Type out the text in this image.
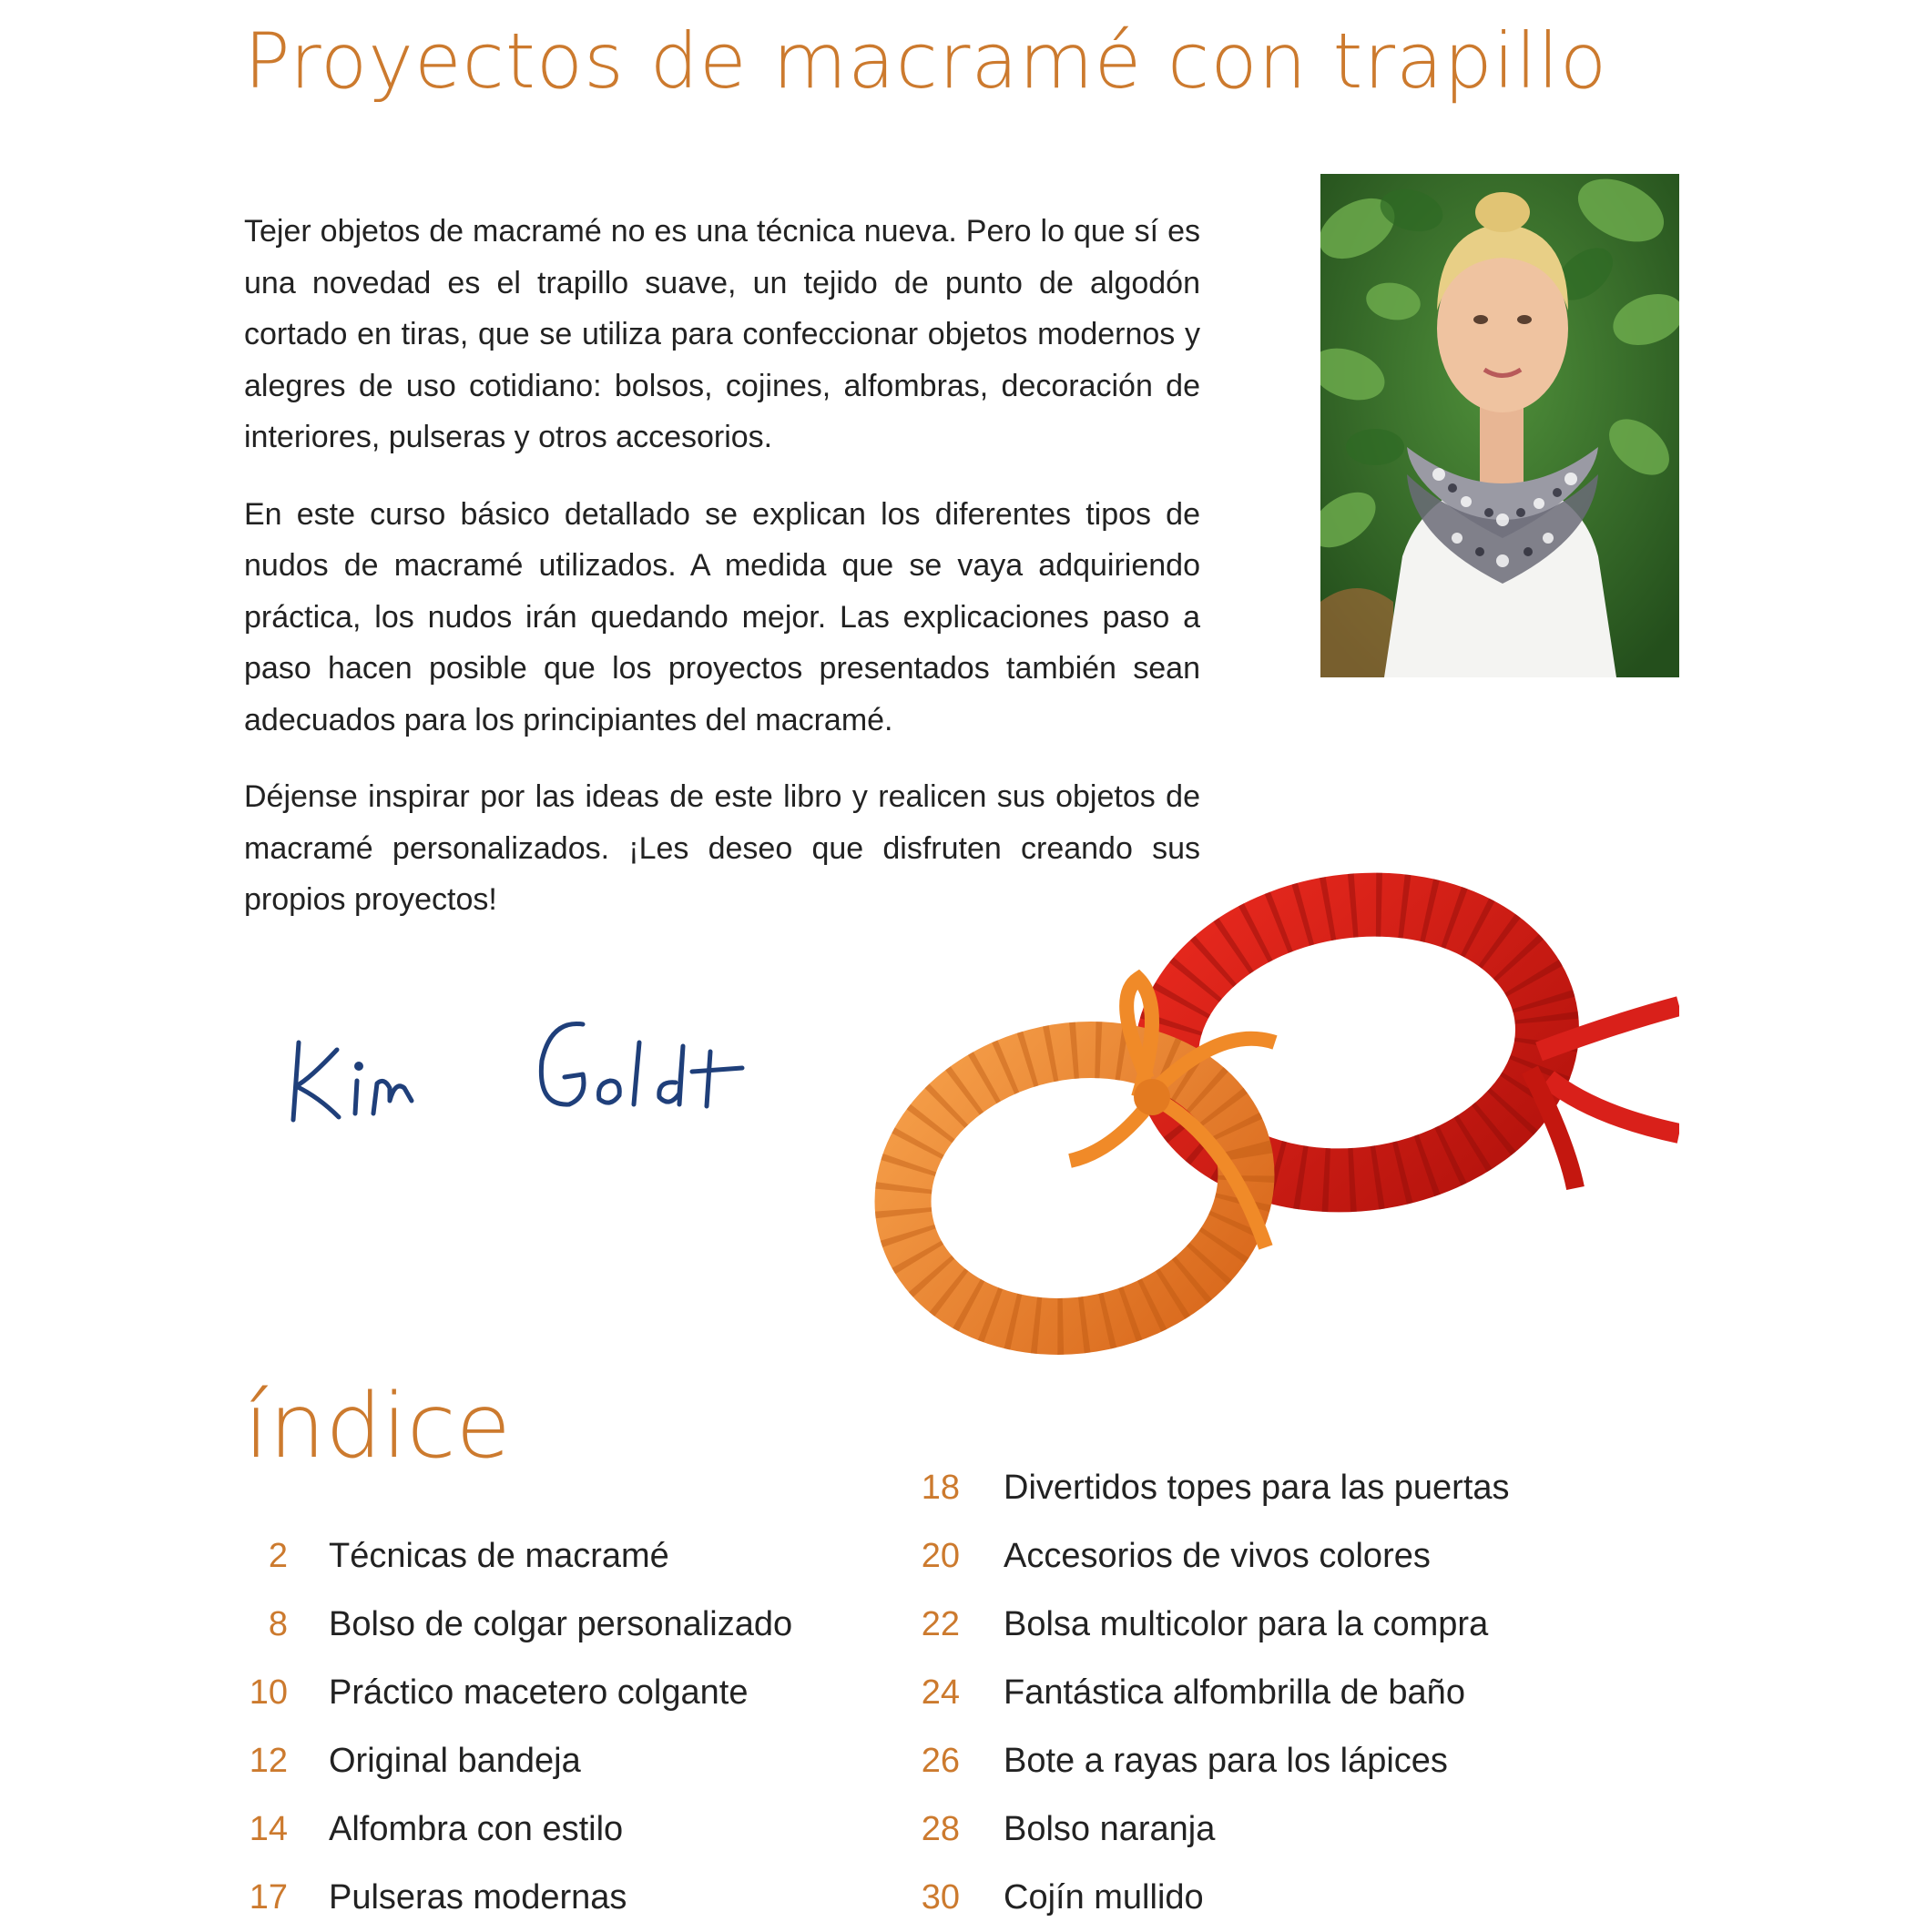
Proyectos de macramé con trapillo

Tejer objetos de macramé no es una técnica nueva. Pero lo que sí es una novedad es el trapillo suave, un tejido de punto de algodón cortado en tiras, que se utiliza para confeccionar objetos modernos y alegres de uso cotidiano: bolsos, cojines, alfombras, decoración de interiores, pulseras y otros accesorios.

En este curso básico detallado se explican los diferentes tipos de nudos de macramé utilizados. A medida que se vaya adquiriendo práctica, los nudos irán quedando mejor. Las explicaciones paso a paso hacen posible que los proyectos presentados también sean adecuados para los principiantes del macramé.

Déjense inspirar por las ideas de este libro y realicen sus objetos de macramé personalizados. ¡Les deseo que disfruten creando sus propios proyectos!

índice
2 Técnicas de macramé
8 Bolso de colgar personalizado
10 Práctico macetero colgante
12 Original bandeja
14 Alfombra con estilo
17 Pulseras modernas
18 Divertidos topes para las puertas
20 Accesorios de vivos colores
22 Bolsa multicolor para la compra
24 Fantástica alfombrilla de baño
26 Bote a rayas para los lápices
28 Bolso naranja
30 Cojín mullido
